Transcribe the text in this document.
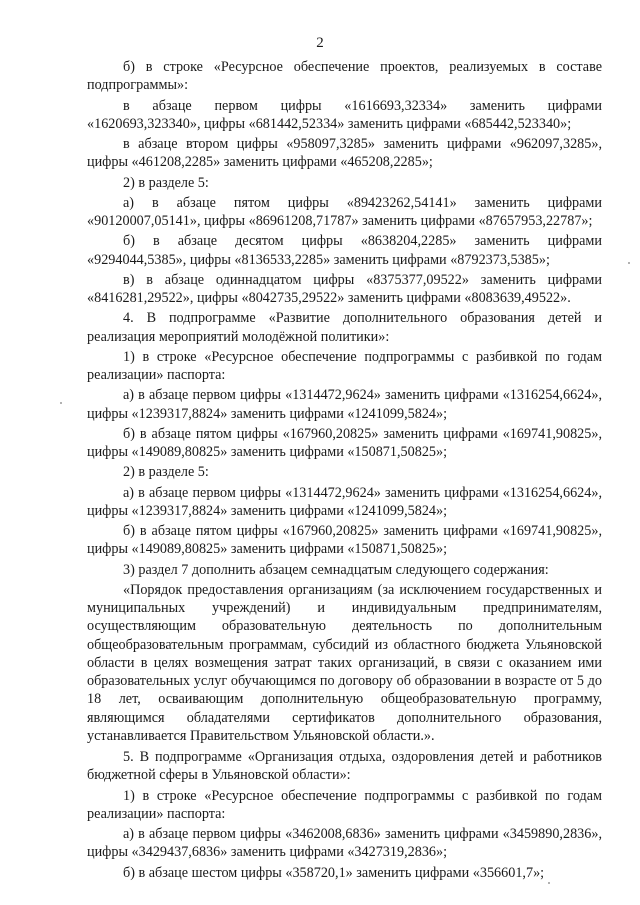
2

б) в строке «Ресурсное обеспечение проектов, реализуемых в составе подпрограммы»:

в абзаце первом цифры «1616693,32334» заменить цифрами «1620693,323340», цифры «681442,52334» заменить цифрами «685442,523340»;

в абзаце втором цифры «958097,3285» заменить цифрами «962097,3285», цифры «461208,2285» заменить цифрами «465208,2285»;

2) в разделе 5:

а) в абзаце пятом цифры «89423262,54141» заменить цифрами «90120007,05141», цифры «86961208,71787» заменить цифрами «87657953,22787»;

б) в абзаце десятом цифры «8638204,2285» заменить цифрами «9294044,5385», цифры «8136533,2285» заменить цифрами «8792373,5385»;

в) в абзаце одиннадцатом цифры «8375377,09522» заменить цифрами «8416281,29522», цифры «8042735,29522» заменить цифрами «8083639,49522».

4. В подпрограмме «Развитие дополнительного образования детей и реализация мероприятий молодёжной политики»:

1) в строке «Ресурсное обеспечение подпрограммы с разбивкой по годам реализации» паспорта:

а) в абзаце первом цифры «1314472,9624» заменить цифрами «1316254,6624», цифры «1239317,8824» заменить цифрами «1241099,5824»;

б) в абзаце пятом цифры «167960,20825» заменить цифрами «169741,90825», цифры «149089,80825» заменить цифрами «150871,50825»;

2) в разделе 5:

а) в абзаце первом цифры «1314472,9624» заменить цифрами «1316254,6624», цифры «1239317,8824» заменить цифрами «1241099,5824»;

б) в абзаце пятом цифры «167960,20825» заменить цифрами «169741,90825», цифры «149089,80825» заменить цифрами «150871,50825»;

3) раздел 7 дополнить абзацем семнадцатым следующего содержания:

«Порядок предоставления организациям (за исключением государственных и муниципальных учреждений) и индивидуальным предпринимателям, осуществляющим образовательную деятельность по дополнительным общеобразовательным программам, субсидий из областного бюджета Ульяновской области в целях возмещения затрат таких организаций, в связи с оказанием ими образовательных услуг обучающимся по договору об образовании в возрасте от 5 до 18 лет, осваивающим дополнительную общеобразовательную программу, являющимся обладателями сертификатов дополнительного образования, устанавливается Правительством Ульяновской области.».

5. В подпрограмме «Организация отдыха, оздоровления детей и работников бюджетной сферы в Ульяновской области»:

1) в строке «Ресурсное обеспечение подпрограммы с разбивкой по годам реализации» паспорта:

а) в абзаце первом цифры «3462008,6836» заменить цифрами «3459890,2836», цифры «3429437,6836» заменить цифрами «3427319,2836»;

б) в абзаце шестом цифры «358720,1» заменить цифрами «356601,7»;
